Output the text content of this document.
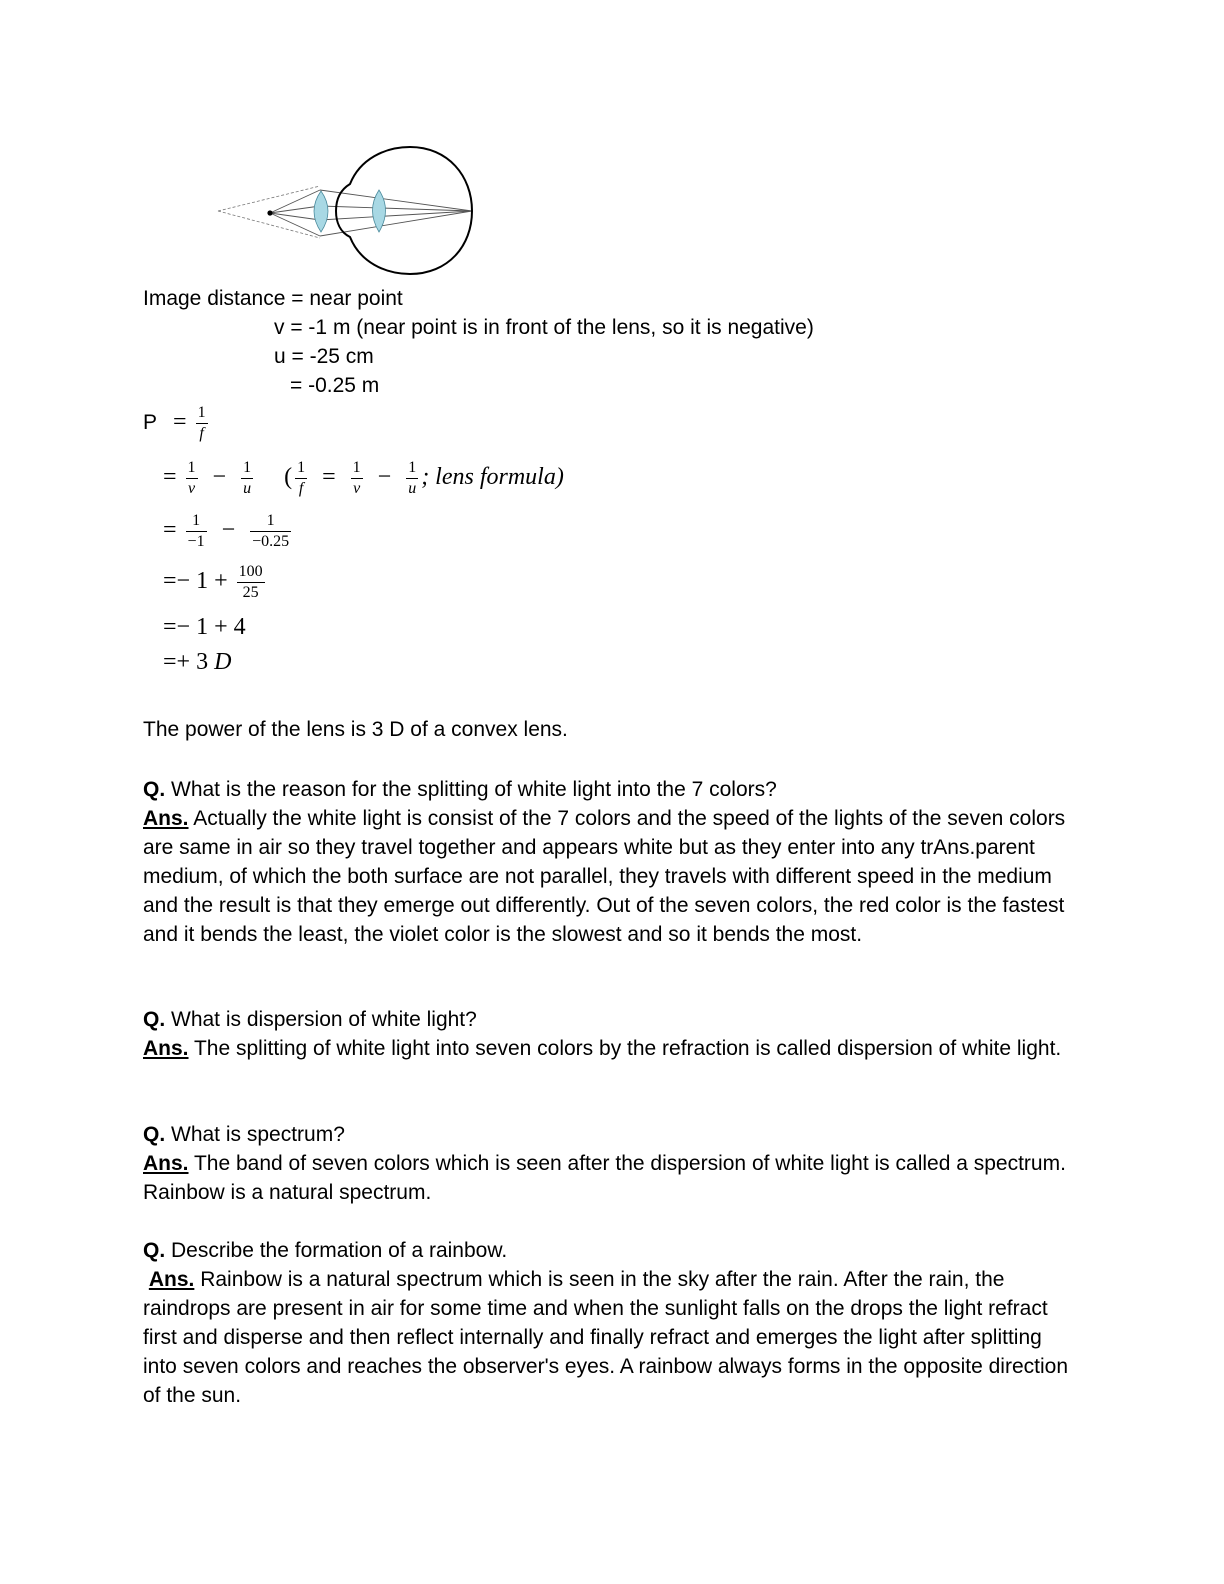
Image distance = near point
v = -1 m (near point is in front of the lens, so it is negative)
u = -25 cm
= -0.25 m
$P = \frac{1}{f}$
= $\frac{1}{v} - \frac{1}{u}$ ( $\frac{1}{f} = \frac{1}{v} - \frac{1}{u}$ ; lens formula)
= $\frac{1}{-1} - \frac{1}{-0.25}$
=− $1 + \frac{100}{25}$
=− 1 + 4
=+ 3 D
The power of the lens is 3 D of a convex lens.

Q. What is the reason for the splitting of white light into the 7 colors?

Ans. Actually the white light is consist of the 7 colors and the speed of the lights of the seven colors are same in air so they travel together and appears white but as they enter into any trAns.parent medium, of which the both surface are not parallel, they travels with different speed in the medium and the result is that they emerge out differently. Out of the seven colors, the red color is the fastest and it bends the least, the violet color is the slowest and so it bends the most.

Q. What is dispersion of white light?

Ans. The splitting of white light into seven colors by the refraction is called dispersion of white light.

Q. What is spectrum?

Ans. The band of seven colors which is seen after the dispersion of white light is called a spectrum. Rainbow is a natural spectrum.

Q. Describe the formation of a rainbow.

Ans. Rainbow is a natural spectrum which is seen in the sky after the rain. After the rain, the raindrops are present in air for some time and when the sunlight falls on the drops the light refract first and disperse and then reflect internally and finally refract and emerges the light after splitting into seven colors and reaches the observer's eyes. A rainbow always forms in the opposite direction of the sun.
